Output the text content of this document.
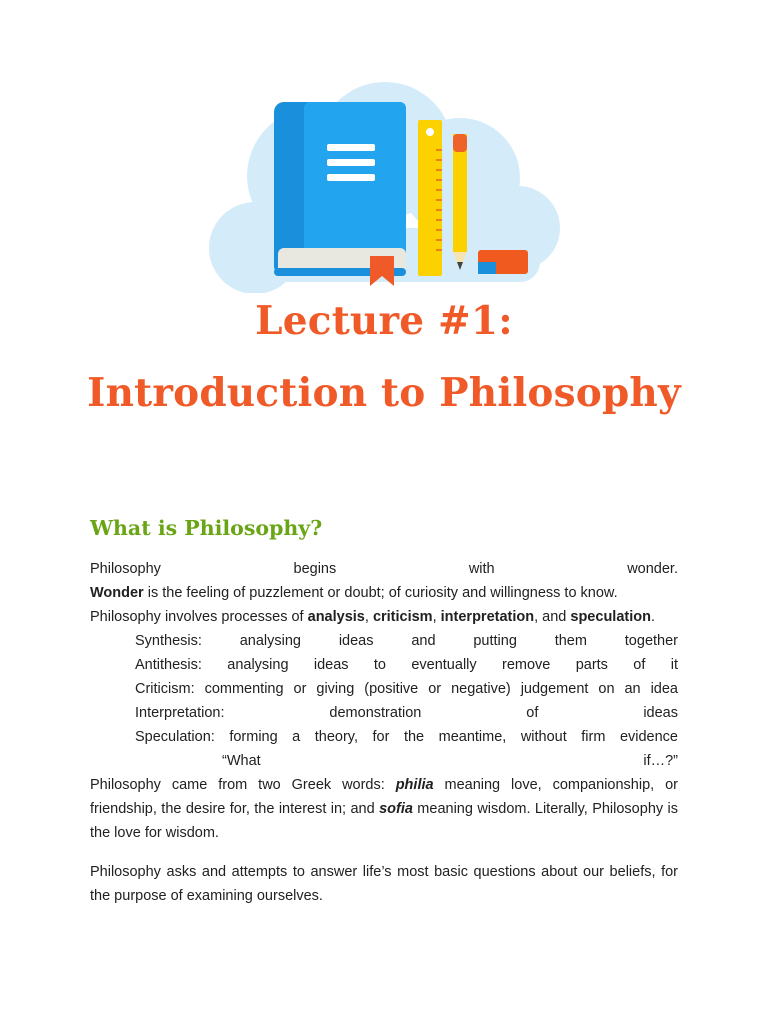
Lecture #1:
Introduction to Philosophy
What is Philosophy?

Philosophy begins with wonder.

Wonder is the feeling of puzzlement or doubt; of curiosity and willingness to know.

Philosophy involves processes of analysis, criticism, interpretation, and speculation.

Synthesis: analysing ideas and putting them together

Antithesis: analysing ideas to eventually remove parts of it

Criticism: commenting or giving (positive or negative) judgement on an idea

Interpretation: demonstration of ideas

Speculation: forming a theory, for the meantime, without firm evidence

“What if…?”

Philosophy came from two Greek words: philia meaning love, companionship, or friendship, the desire for, the interest in; and sofia meaning wisdom. Literally, Philosophy is the love for wisdom.

Philosophy asks and attempts to answer life’s most basic questions about our beliefs, for the purpose of examining ourselves.
